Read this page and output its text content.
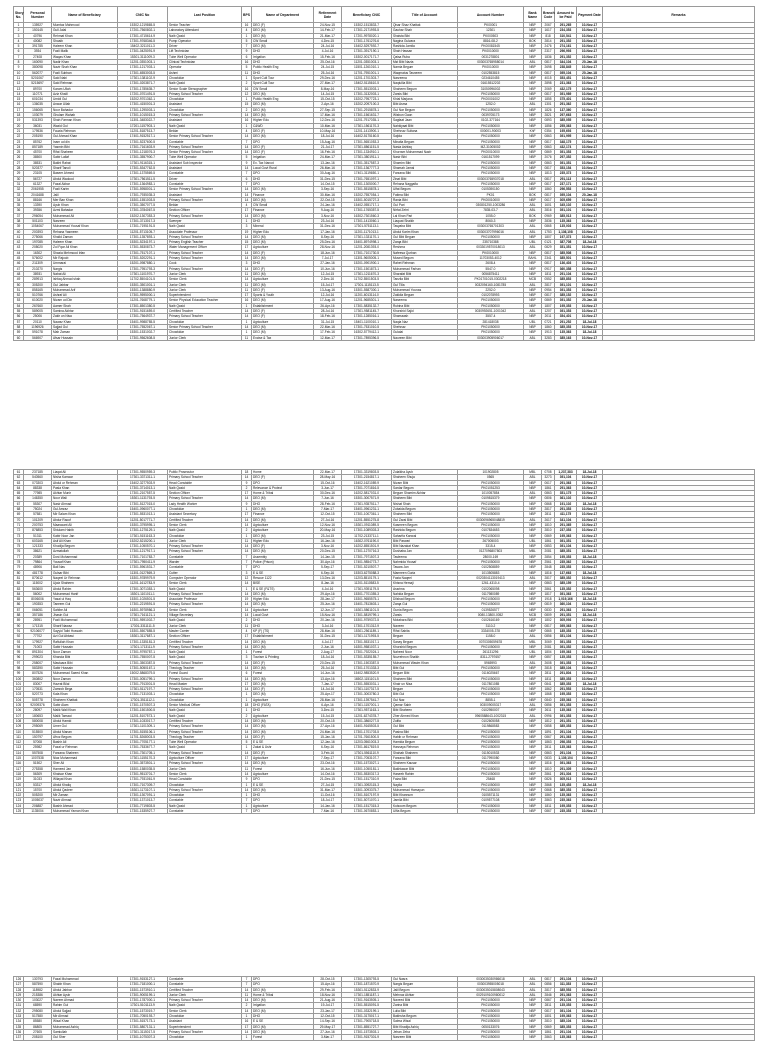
Story No.	Personal Number	Name of Beneficiary	CNIC No	Last Position	BPS	Name of Department	Retirement Date	Beneficiary CNIC	Title of Account	Account Number	Bank Name	Branch Code	Amount to be Paid	Payment Date	Remarks
1	135927	Mumtaz Mahmood	15302-1219865-5	Senior Teacher	16	DEO (F)	24-Nov-15	15302-1513833-7	Qisar Shaz Khattak	PK00001	NBP	2067	291,265	10-Nov-17	
2	150145	Gull Jalal	17201-7560802-1	Laboratory Attendant	4	DEO (M)	14-Feb-17	17301-2171993-5	Gauhar Shah	12301	NBP	1617	234,353	10-Nov-17	
3	40796	Rehmat Khan	17301-4715614-9	Naib Qasid	1	DEO (M)	21-Mar-17	17201-9978020-1	Shaista Bibi	PK000503	NBP	818	310,541	10-Nov-17	
4	40082	Shoaib	17301-9768346-5	Pump Operator	5	CW Small	4-Dec-15	17301-1761276-6	Nagina Gulzara	8816-08-2	BOK	2814	291,352	10-Nov-17	
5	391785	Haleem Khan	15402-3211011-3	Driver	7	DEO (M)	24-Jul-16	15402-5297592-7	Rashida Jamila	PK00081545	NBP	2476	274,161	10-Nov-17	
6	3934	Fazli Malik	17301-0425091-9	Lift Technician	9	DHO	4-Jul-16	17301-3917190-1	Shah Hassan	PK0010000	NBP	2317	296,993	10-Nov-17	
7	27408	Waqas Khan	15301-3111009-3	Tube Well Operator	6	Irrigation	15-Feb-16	15302-0017171-7	Qaisa Ruba	0031278801	NBP	1836	291,352	10-Nov-17	
8	160090	Nadir Khan	11201-0351003-1	Clinical Technician	16	DHO	25-Oct-16	11201-0351003-1	Mst Bibi Nazia	003003765958014	ABL	0817	344,104	20-Jan-18	
9	380098	Nazir Shah Khan	17301-1217003-1	Operator	5	Public Health Eng	24-Jul-15	11501-1261010-1	Namia Begum	PK0010000	NBP	2698	238,845	10-Nov-17	
10	562077	Fazli Subhan	17301-6553003-5	Ashmi	11	DHO	25-Jul-16	11701-7951001-1	Waqmatus Tasneem	0102553815	NBP	0817	395,104	20-Jan-18	
11	5201067	Said Nabi	17301-1381102-9	Chowkidar	1	Sport Cult Tour	29-Dec-16	11201-1701303-7	Nasreena	0234610455	NBP	4015	353,451	10-Nov-17	
12	5215697	Said Rehman	17301-0203871-7	Naib Qasid	2	Sport Cult Tour	27-Mar-17	15402-5115610-5	Naqiullia Bibi	01615512202	NBP	2898	231,363	10-Nov-17	
13	89700	Karam Ullah	17301-1785635-7	Senior Scale Stenographer	16	CW Small	8-May-16	17301-5513003-1	Shaheen Begum	31050996002	NBP	2069	432,175	10-Nov-17	
14	110771	Aziz Khalil	17201-0701491-5	Primary School Teacher	12	DEO (M)	14-Jul-15	17301-3132003-1	Zarsis Bibi	PK01050000	NBP	0817	391,989	10-Nov-17	
15	601034	Umidi Gul	15202-9701362-1	Chowkidar	1	Public Health Eng	15-Oct-15	15202-7957723-1	Khial Marjana	PK00001002	NBP	1855	375,401	10-Nov-17	
16	136035	Anwar Ullah	17301-4150001-3	Assistant	15	DEO (M)	2-Apr-16	15202-2097100-3	Bibi Asma	1252-0	ABL	1301	291,362	10-Nov-17	
17	156065	Noor Bahadur	17301-1295003-1	Chowkidar	2	DEO (M)	27-Sep-15	17301-2915878-1	Gul Nar Begum	PK01050000	NBP	1826	137,360	10-Nov-17	
18	103079	Ghulam Wahab	17301-1015015-3	Primary School Teacher	14	DEO (M)	17-Mar-16	17301-1561631-7	Wisbun Gaon	0039705173	NBP	2821	297,663	10-Nov-17	
19	531393	Shah Farman Khan	11301-3483022-7	Assistant	16	Higher Edu	12-Dec-16	11201-7917035-1	Sagfaat Jaan	0102-377164	NBP	0893	385,055	10-Nov-17	
20	36031	Wazid Gul	17201-1157903-1	Naib Qasid	1	C&WD	10-Mar-16	17301-1561170-3	Nahkiyaat Bibi	PK01050000	NBP	1856	255,363	10-Nov-17	
21	179536	Fauzia Rehman	11201-5187513-7	Beldar	4	DEO (F)	10-May-16	11201-1413900-1	Shehnaz Sultana	000001-90003	KhF	0354	195,693	10-Nov-17	
22	205190	Gul Ahmad Khan	17401-9152517-1	Senior Primary School Teacher	14	DEO (M)	18-Jul-16	16402-5175160-5	Sajida	PK01050000	NBP	0863	391,995	10-Nov-17	
23	85762	Inam ud din	17301-5237600-5	Constable	7	DPO	15-Aug-16	17301-5651053-3	Minalta Begum	PK01050000	NBP	0817	348,175	10-Nov-17	
24	857189	Yasmin Bibi	17301-7161603-9	Primary School Teacher	14	DEO (F)	21-Jul-17	17301-8861151-5	Nasia Ashfaq	MZ-31005002	NBP	0863	432,174	10-Nov-17	
25	45700	Rifat Shaheen	17301-1218076-3	Senior Primary School Teacher	14	DEO (F)	16-Feb-16	17301-1334910-1	Khurram Mohammad Nazir	PK00010000	NBP	0869	391,353	10-Nov-17	
26	38500	Sabir Lallaf	17301-3557900-7	Tube Well Operator	5	Irrigation	24-Mar-17	17301-3801911-1	Nasir Bibi	0161517099	NBP	2076	297,352	10-Nov-17	
27	38531	Bakht Rahat	17301-9116315-1	Assistant Sub Inspector	9	Ex. Tax Narcot	13-Jan-16	17301-3517587-3	Shamim Bibi	PK01050000	NBP	0863	391,351	10-Nov-17	
28	520377	Sharif Tanoli	17301-5347762-5	Assistant	14	Local Govt Rural	26-Mar-16	17301-1367777-3	Shamah Jamal	PK01050000	NBP	0817	353,154	10-Nov-17	
29	23105	Baseer Ahmed	17301-1375569-5	Constable	7	DPO	30-Aug-16	17401-3119650-1	Farzana Bibi	PK01050000	NBP	1813	235,373	10-Nov-17	
30	56727	Abdul Wadood	17301-7561511-5	Driver	6	DHO	31-Dec-15	17301-7651097-1	Zinat Bibi	003003765937018	ABL	0817	291,113	10-Nov-17	
31	61327	Fazal Akbar	17301-1364983-1	Constable	7	DPO	14-Oct-15	17301-1305000-7	Rehana Naggafia	PK01050000	NBP	0817	237,171	10-Nov-17	
32	2061955	Fazli Karim	17301-5958001-1	Senior Primary School Teacher	14	DEO (M)	3-Sep-16	17301-5515878-1	Ulfat Begum	0105390150	NBP	1860	296,553	10-Nov-17	
33	2041688	Jalil	17301-7935035-3	Assistant	14	Finance	30-Mar-16	15202-7557054-1	Fatima Bibi	PK01	BOK	0817	395,104	20-Jan-18	
34	88166	Mer Ban Khan	15301-1551003-5	Primary School Teacher	14	DEO (M)	22-Oct-15	15301-5015727-3	Rania Bibi	PK00010000	NBP	0617	305,659	10-Nov-17	
35	13390	Ayub Khan	17301-3507077-5	Beldar	4	CW Small	24-Jan-16	15402-0551717-1	Gul Pari	030801250-1003286	ABL	1601	345,102	10-Nov-17	
36	39356	Azmi Bahadar	17301-3784067-5	Section Officer	17	Finance	9-Aug-16	17301-1765357-5	Nirfat Zehri	7835-03-7	ABL	2816	391,101	10-Nov-17	
37	296054	Muhammad Ali	15202-1307353-3	Primary School Teacher	14	DEO (M)	3-Nov-16	16302-7301560-3	Lal Khan Pari	1055-0	BOK	0969	385,013	10-Nov-17	
38	501103	Nasreen	17301-3713017-3	Sweeper	1	DHO	23-Jul-16	17301-1413060-1	Liaquat Shaikh	8060-3	NBP	2836	135,363	10-Nov-17	
39	1054067	Muhammad Yousaf Khan	17301-7195191-5	Naib Qasid	3	Mineral	31-Dec-16	17301-5751113-1	Tasyaba Bibi	003003765701303	ABL	0865	135,003	10-Nov-17	
40	200393	Rehana Yasmeen	11201-5713105-7	Associate Professor	19	Higher Edu	17-Jan-16	11201-1171013-1	Abdul Karim Khan	003003707996016	ABL	1753	1,136,108	10-Nov-17	
41	275066	Khalid Zaman	17301-1357893-1	Primary School Teacher	14	DEO (M)	8-Sep-16	17301-1331170-1	Gul Bibi Begum	PK01050000	NBP	1807	197,373	10-Nov-17	
42	197085	Haleem Khan	15301-5234197-1	Primary English Teacher	15	DEO (M)	25-Dec-16	15401-8974998-1	Zarqa Bibi	235710388	UBL	0121	387,708	18-Jul-18	
43	208020	Zul Fqar Ali Khan	17301-5530873-7	Water Management Officer	17	Agriculture	28-Nov-16	11201-2081393-0	Reshma	0033019570018013	ABL	0829	351,351	10-Nov-17	
44	16302	Shazia Mehmood Irfan	17301-7517107-1	Primary School Teacher	14	DEO (F)	18-Jun-16	17301-7101730-5	Nafeesa Qurban	PK0010000	NBP	0817	385,508	10-Nov-17	
45	576002	Mir Rajoob	17301-5202291-1	Primary School Teacher	14	DEO (M)	7-Jul-17	11301-9605005-1	Mused Begum	11703053-4012	BAHL	2341	385,501	10-Nov-17	
46	211309	Ummarai	15201-0987880-1	Cook	3	DHO	27-Jan-16	15201-0901900-1	Rahet Rehman	2608-4	NBP	0817	136,403	10-Nov-17	
47	210270	Nargis	17301-7951793-3	Primary School Teacher	14	DEO (F)	10-Jun-16	17301-1501873-1	Muhammad Farhan	5547-0	NBP	0917	360,358	10-Nov-17	
48	38931	Nabat Ali	17301-1101970-7	Junior Clerk	11	DEO (M)	12-Jul-15	17301-1211670-3	Sharafat Bibi	0056875411	NBP	1811	291,104	10-Nov-17	
49	289913	Ishfaq Ahmad shah	11702-5504101-5	Senior Clerk	14	Agriculture	2-Dec-16	11702-5501503-5	Tanzila Bibi	PK01701015-0302218	MCB	0552	385,853	10-Nov-17	
50	305200	Gul Jabbar	15301-3501001-1	Junior Clerk	11	DEO (M)	15-Jul-17	17301-1115113-5	Gul Tilla	0032094160-1081785	ABL	2817	391,101	10-Nov-17	
51	858165	Muhammad Arif	15301-1388880-9	Junior Clerk	11	DEO (F)	13-Aug-16	15301-5587300-1	Muhammad Younas	2252-0	NBP	0954	391,353	10-Nov-17	
52	510766	Ashraf Ali	17301-9595000-1	Superintendent	17	Sports & Youth	12-Jul-16	11201-6013114-0	Zakkila Begum	0102078993	NBP	0817	385,152	10-Nov-17	
53	610020	Nizam ud Din	11201-7668779-1	Senior Physical Education Teacher	16	DEO (M)	17-Aug-16	11201-9685301-1	Naseema	PK01050000	NBP	0869	391,352	20-Jan-18	
54	267660	Aamer Shah	17301-8501380-5	Naib Qasid	1	Establishment	26-Apr-16	17301-5835132-7	Rubina Bibi	PK01050000	NBP	1807	195,353	10-Nov-17	
55	589005	Samina Akhtar	17301-9151659-0	Certified Teacher	14	DEO (F)	28-Jul-16	17301-9581145-7	Khurshid Sajid	0030992651-1001042	ABL	1207	391,353	10-Nov-17	
56	25006	Zakir un Nisa	17301-7564937-7	Primary School Teacher	14	DEO (F)	18-Feb-16	17301-1285016-1	Shamaash	3557-4	NBP	2011	354,401	10-Nov-17	
57	20110	Nawaz Khan	15401-9988785-5	Chowkidar	1	Agriculture	31-Jul-15	15401-1100010-1	Naqia Naz	281418038	UBL	0721	291,252	18-Jul-18	
58	1196926	Sajjad Gul	17301-7552067-1	Senior Primary School Teacher	14	DEO (M)	22-Mar-16	17301-7531010-5	Shehnaz	PK01050000	NBP	1860	385,353	10-Nov-17	
59	591078	Mah Zaman	15301-1531002-7	Chowkidar	1	DEO (M)	17-Feb-16	16302-5779412-1	Gulalai	PK01050000	NBP	1913	135,363	18-Jul-18	
60	566907	Afsar Hussain	17301-9562608-5	Junior Clerk	11	Excise & Tax	12-Mar-17	17301-7895396-5	Naureen Bibi	003003905906017	ABL	3283	385,163	10-Nov-17	
61	237185	Liaqat Ali	17301-9550959-3	Public Prosecutor	18	Home	22-Mar-17	17301-3319803-5	Zulaikha Ayub	101902805	MBL	0708	1,237,383	18-Jul-18	
62	540560	Nisha Kanwar	17301-3371311-1	Primary School Teacher	14	DEO (F)	28-May-16	17301-2154817-1	Shaheen Shuja	0565	ABL	3273	391,104	10-Nov-17	
63	073303	Abdul ur Rehman	15402-3277503-9	Head Constable	9	DPO	15-Oct-16	15402-1621089-9	Nizam Bibi	PK01050000	NBP	0617	291,363	10-Nov-17	
64	88338	Pasla Khan	17301-3714013-1	Naib Qasid	2	Relevance & Protect	3-Jun-17	17301-7071816-5	Sardar Begum	PK01051253	NBP	1861	291,363	10-Nov-17	
65	77985	Akhtar Munir	17301-2107557-5	Section Officer	17	Home & Tribal	30-Dec-16	16202-5817031-0	Begum Shamim Akhtar	1010057854	ABL	0863	351,175	10-Nov-17	
66	146350	Noor Wali	15301-1131793-5	Primary School Teacher	14	DEO (M)	7-Jun-16	15301-3007571-9	Shaheen Bibi	0109815379	NBP	0806	361,102	10-Nov-17	
67	55307	Nasir Ahmad	17301-5127015-0	Lady Health Worker	9	DHO	28-Feb-16	17301-9357511-7	Nishat Shah	PK01050000	NBP	0868	191,102	18-Jul-18	
68	75024	Gul Amraz	15401-0960077-1	Chowkidar	1	DEO (M)	7-Mar-17	15401-0961231-1	Zubaida Begum	PK01050000	NBP	2817	291,353	10-Nov-17	
69	57581	Mir Salam Khan	17301-5531013-1	Assistant Secretary	17	Finance	12-Oct-15	17301-1007361-1	Shaheen Bibi	PK01050000	NBP	2811	411,175	10-Nov-17	
70	101209	Abdur Raoof	11201-5017771-7	Certified Teacher	14	DEO (M)	27-Jul-16	11201-5551275-8	Gul Zarai Bibi	0030096965048819	ABL	2617	341,104	10-Nov-17	
71	200753	Maaswant Ali	15301-3795995-1	Senior Clerk	14	Agriculture	12-Nov-16	15301-0911089-5	Kasmeen Begum	PK01050000	NBP	1810	291,365	10-Nov-17	
72	876853	Shiulam Habib	17301-1275129-1	Naib Qasid	2	Agriculture	20-May-16	17301-1089303-3	Rashida Begum	0107834653	NBP	2810	237,353	10-Nov-17	
73	51311	Kabir Noor Jan	17301-5151163-3	Chowkidar	1	DEO (M)	23-Jul-15	11702-2133711-1	Saharifa Kanwal	PK01050000	NBP	0869	195,363	10-Nov-17	
74	603165	Asif Ali Khan	15202-5215200-1	Junior Clerk	11	Higher Edu	16-Jan-16	16302-0761190-0	Bibi Parwari	267005003	UBL	1861	391,351	10-Nov-17	
75	121333	Khudija Begum	17301-1050570-1	Primary School Teacher	14	DEO (F)	3-Nov-16	16202-8551501-9	Bibi Nazakat Khan	3315-4	NBP	0853	391,104	10-Nov-17	
76	38621	Azmatullah	17301-1217917-1	Primary School Teacher	14	DEO (M)	20-Dec-15	17301-1270716-3	Dushaba Jan	0127096807803	MBL	2081	385,351	10-Nov-17	
77	20389	Dost Muhammad	17301-7101783-7	Constable	7	Assembly	14-Jan-15	17301-7971507-3	Tasleema	28000-169	NBP	2854	195,353	18-Jul-18	
78	79864	Yousaf Khan	17301-7950411-9	Warder	7	Police (Prison)	30-Apr-16	17401-9854773-7	Nahmida Yousaf	PK01050000	NBP	2561	235,362	10-Nov-17	
79	48906	Bali Nas	17301-5961531-7	Constable	7	DPO	5-Sep-17	17301-5210507-7	Tasara Jan	0102508859	NBP	2848	235,353	10-Nov-17	
80	481778	Gulsar Bibi	11301-0127869-3	Cutter	3	E & SE	6-Sep-16	15303-6275088-3	Mamreen Guria	1013505883	NBP	1816	137,663	18-Jul-18	
81	870612	Naqeel Ur Rehman	15301-9789979-9	Computer Operator	12	Rescue 1122	13-Dec-16	11203-8510179-1	Fazia Naqeel	0020304113019413	ABL	2817	385,352	10-Nov-17	
82	115002	Ujaiz Shaheen	11201-1612783-9	Senior Clerk	14	BISE	8-Jan-16	11201-5110583-5	Khisna Hemaji	1261-4310-4	NBP	0863	385,159	10-Nov-17	
83	563600	Abdul Rahim	17301-3071353-1	Naib Qasid	1	E & SE (F&TS)	4-Jul-16	17301-9391179-5	Assrima	0102065098	NBP	2861	135,352	10-Nov-17	
84	56002	Muhammad Hanif	15301-1101011-1	Primary School Teacher	14	DEO (M)	29-Apr-16	15301-7701355-3	Nahida Begum	0117980089	NBP	1817	391,363	10-Nov-17	
85	8006006	Yasai ul Haq	15301-1026501-5	Associate Professor	19	Higher Edu	28-Jan-17	15301-9655575-1	Dilshad Begum	PK01050000	NBP	1918	1,019,166	18-Jul-18	
86	190353	Taneem Gul	17301-2219591-5	Primary School Teacher	14	DEO (M)	25-Jun-16	15401-7813603-1	Zarqa Gul	PK01050000	NBP	0819	360,104	10-Nov-17	
87	066051	Sahibe Ali	16301-5978986-3	Senior Clerk	14	Agriculture	12-Jun-17	16301-5861101-5	Gunia Begum	0139526577	NBP	0830	291,363	10-Nov-17	
88	357186	Jhasin Gul	17301-7161121-1	Village Secretary	14	Local Govt	15-Nov-16	17301-5819799-1	Zarsis	0080-13800-0052	MCB	0809	291,351	18-Jul-18	
89	28951	Fazli Muhammad	17301-9591002-7	Naib Qasid	2	DHO	20-Jan-16	15301-9759372-5	Motabara Bibi	0102616169	NBP	1802	305,093	10-Nov-17	
90	171315	Sharif Nawaz	17301-3311111-5	Junior Clerk	11	DHO	3-Jul-16	17301-1701312-9	Naveen	3110-2	NBP	0817	395,363	10-Nov-17	
91	92106077	Sayyid Taibi Hussain	15301-5507885-5	Master Carrier	4	KP (F) (TS)	28-Mar-16	15301-2561189-1	Rifat Sabita	3334005-378	NBP	0865	185,353	10-Nov-17	
92	77702	Azi Gul Abbasi	15301-3117687-1	Section Officer	17	Establishment	31-Dec-15	17301-1171993-5	Begum	1158-0	ABL	0856	351,104	10-Nov-17	
93	179927	Rafiullah Khan	17301-1335181-3	Certified Teacher	14	DEO (M)	4-Jul-17	17301-5531017-1	Sanay Begum	0070305059678	MBL	3069	391,353	10-Nov-17	
94	71003	Sabir Hussain	17301-1713111-9	Primary School Teacher	14	DEO (M)	2-Jun-16	16301-9581037-1	Khurshid Begum	PK01050000	NBP	2081	391,352	10-Nov-17	
95	891304	Noor Zaman	17301-9795787-1	Naib Qasid	1	Forest	2-Aug-17	17301-7922024-1	Naheed Noor	261131296	UBL	1804	195,363	10-Nov-17	
96	299023	Khanda Bibi	17301-7550007-5	Naib Qasid	3	Tourism & Printing	18-Jul-16	17301-5335155-7	Nuzrehnon Shaikh	8311-2797657	NBP	0857	135,353	10-Nov-17	
97	258007	Mastuara Bibi	17301-3503387-5	Primary School Teacher	14	DEO (F)	20-Dec-15	17301-1503387-5	Muhammad Wasim Khan	5965993	ABL	2608	391,353	10-Nov-17	
98	583390	Sabir Hussain	17301-5050167-1	Theology Teacher	14	DEO (M)	25-Jul-16	17301-1701333-3	Bibi Gul	PK01050000	NBP	2818	385,104	10-Nov-17	
99	807526	Muhammad Saeed Khan	15002-5868379-5	Forest Guard	6	Forest	14-Jun-16	15402-9853520-9	Begum Bibi	0116025667	NBP	2811	291,804	10-Nov-17	
100	360802	Noor Zaman	17301-0051799-1	Primary School Teacher	14	DEO (M)	13-Apr-16	16502-1151101-5	Shaheen Bibi	PK01050000	NBP	1811	385,353	10-Nov-17	
101	83007	Hazrat Bilal	17301-7913001-5	Head Master	17	DEO (M)	7-Jan-17	17301-5553031-1	Khair un Nisa	0117801085	NBP	0841	385,353	18-Jul-18	
102	170531	Zamrob Bega	17301-5117197-7	Primary School Teacher	14	DEO (F)	14-Jul-16	17301-1107317-5	Begum	PK01050000	NBP	1862	291,553	10-Nov-17	
103	520773	Kala Khan	17301-7131003-1	Chowkidar	1	DEO (M)	25-Apr-17	17301-3003780-3	Bibi Gul	PK01050000	NBP	1868	195,353	10-Nov-17	
104	505778	Shaheen Khattak	17301-3511112-1	Chowkidar	1	Agriculture	28-Mar-16	17301-1397541-7	Gul Naz	8855-1	NBP	0840	235,363	10-Nov-17	
105	92009376	Sabir Alam	17301-1570507-3	Senior Medical Officer	18	DHO (FATA)	6-Apr-16	17301-1157001-1	Qamar Sabir	003009005317	ABL	0856	391,353	10-Nov-17	
106	28097	Malik Wali Khan	17301-1501500-5	Naib Qasid	1	DHO	3-Dec-15	17301-9571163-1	Bibi Shaheen	0102950007	NBP	2611	135,363	10-Nov-17	
107	180653	Malik Tamaai	11201-5107573-1	Naib Qasid	2	Agriculture	15-Jul-15	11201-6274378-7	Zher Ahmed Khan	0960588643-1002315	ABL	0996	391,353	10-Nov-17	
108	580008	Abdul Hamid	17301-1033017-7	Certified Teacher	14	DEO (M)	20-Oct-15	17301-3860277-5	Zulfia	0102605058	NBP	1812	291,351	10-Nov-17	
109	295069	Umer Gul	17301-1101309-1	Primary School Teacher	14	DEO (M)	27-Apr-16	15401-9165503-5	Gul Bibi	0119868583	NBP	0858	385,353	10-Nov-17	
110	515500	Abdul Manan	17301-5155106-1	Primary School Teacher	14	DEO (M)	24-Mar-16	17301-1701703-5	Pasina Bibi	PK01050000	NBP	1891	291,104	10-Nov-17	
111	150797	Afroz Begum	11701-5268003-5	Theology Teacher	14	DEO (F)	15-Jan-16	11701-7661500-5	Habib ur Rehman	PK01050000	NBP	0867	291,363	10-Nov-17	
112	57008	Bashir Ali	17301-7705177-1	Tube Well Operator	5	E & SE	12-Jan-16	11203-0561003-3	Hamida Begum	PK01050000	NBP	1863	298,353	10-Nov-17	
113	25982	Fazal ur Rehman	17301-7533677-7	Naib Qasid	1	Zakat & Ushr	6-Sep-16	17301-8617819-5	Hasnaya Rehman	PK01050000	NBP	2811	135,363	10-Nov-17	
114	557508	Farzana Shaheen	17301-7301705-1	Primary School Teacher	14	DEO (F)	3-Feb-16	17301-5561110-9	Shahab Shaheen	0115010533	NBP	0863	291,104	10-Nov-17	
115	1007538	Niaz Muhammad	17301-1155170-3	Agriculture Officer	17	Agriculture	7-Sep-17	17301-7053107-7	Farzana Bibi	0117990080	NBP	0833	1,139,104	10-Nov-17	
116	51502	Sher Ali	17301-3573501-1	Primary School Teacher	14	DEO (M)	23-Oct-16	17301-1573027-1	Shaheen Kausar	PK01050000	NBP	1816	391,363	10-Nov-17	
117	275358	Hameed Jan	15301-1580035-5	Junior Clerk	11	Forest	16-Jun-16	15301-1050181-1	Bakhtawar Bibi	PK01050000	NBP	1810	291,305	10-Nov-17	
118	56309	Khaisar Khan	17301-9513701-7	Senior Clerk	14	Agriculture	14-Oct-16	17301-5530317-3	Haseeb Rahim	PK01050000	NBP	2861	291,304	10-Nov-17	
119	31033	Wilayat Khan	17301-7931061-9	Head Constable	9	DPO	21-Dec-15	17301-1517310-9	Faiza Bibi	25468	NBP	0826	305,013	10-Nov-17	
120	53317	Abdul Khaliq	17301-7107309-7	Chowkidar	1	E & SE	27-Jul-15	17301-3092115-3	Nayila	PK01050000	NBP	2868	135,453	18-Jul-18	
121	15700	Abdul Qadeer	15301-1173107-1	Primary School Teacher	14	DEO (M)	31-Mar-17	15301-3093375-7	Muhammad Hamayun	PK01050000	NBP	0868	385,353	10-Nov-17	
122	505200	Mir Zaman	17301-1307091-1	Chowkidar	1	DHO	11-Oct-16	17301-5107197-9	Bibi Khannum	0105571131	NBP	1860	135,363	10-Nov-17	
123	1005037	Nazir Ahmad	17301-1371013-7	Constable	7	DPO	18-Jul-17	17301-5071070-1	Jamila Bibi	0109577108	NBP	2863	235,363	10-Nov-17	
124	206887	Bashir Ahmad	17301-7719803-5	Naib Qasid	1	Agriculture	14-Jan-16	17301-1517315-3	Kulsoom Begum	PK01050000	NBP	1811	195,353	10-Nov-17	
125	1135004	Muhammad Yaman Khan	17301-1535927-7	Constable	7	DPO	7-Mar-16	17301-0670853-1	Ulfia Begum	PK01050000	NBP	0867	235,353	10-Nov-17	
126	130793	Fazal Muhammad	17301-9153127-1	Constable	7	DPO	28-Oct-15	17301-1305793-5	Gul Nasra	0030035030986018	ABL	0817	291,104	10-Nov-17	
127	587590	Shabir Khan	17301-7181000-1	Constable	7	DPO	15-Apr-16	17301-1871570-9	Nargis Begum	003003955005018	ABL	0856	311,353	10-Nov-17	
128	118982	Abdul Jabbar	15301-1573910-1	Certified Teacher	14	DEO (M)	29-Feb-16	15301-5112833-9	Jalil Begum	0030035015808043	ABL	2817	385,553	10-Nov-17	
129	215386	Akhtar Ayub	17301-9005199-1	Junior Clerk	11	Home & Tribal	18-Nov-16	17301-1851187-1	Mehnaz Akhtar	0029109100980012	ABL	2846	291,363	10-Nov-17	
130	103027	Naeem Ahmad	17301-1787000-1	Primary School Teacher	14	DEO (M)	21-Aug-16	17301-9163505-1	Naveed Bibi	PK01050000	NBP	0867	291,104	10-Nov-17	
131	68590	Rahim Gul	17301-5101113-9	Naib Qasid	2	Irrigation	19-Jul-17	17301-5515091-5	Zarina Bibi	PK01050000	NBP	2811	135,353	10-Nov-17	
132	295080	Abdul Sajjad	17301-1573019-7	Senior Clerk	14	DEO (M)	23-Jan-17	17301-0332199-1	Lulia Bibi	PK01050000	NBP	0817	391,104	10-Nov-17	
133	517580	Mir Ahmad	17301-7050193-7	Chowkidar	1	DHO	12-Oct-15	17301-3175017-1	Bakhsha Begum	PK01050000	NBP	1801	195,363	10-Nov-17	
134	85580	Wisal Khan	17301-5157173-1	Assistant	16	E & SE	14-Sep-16	17301-7905718-5	Salma Wisal	PK01050000	NBP	2810	385,104	10-Nov-17	
135	86805	Muhammad Ashiq	17301-5807131-1	Superintendent	17	DEO (M)	29-May-17	17301-8551727-7	Bibi Khadija Ashiq	0050133076	NBP	0869	385,353	10-Nov-17	
136	27605	Samiullah	17301-3115017-5	Primary School Teacher	14	DEO (M)	27-Jun-16	17301-1573503-1	Jehan Zeba	PK01050000	NBP	1861	291,104	10-Nov-17	
137	208100	Gul Sher	17301-1075307-3	Chowkidar	1	Forest	3-Mar-17	17301-9157301-9	Nasreen Bibi	PK01050000	NBP	2863	135,363	10-Nov-17	
